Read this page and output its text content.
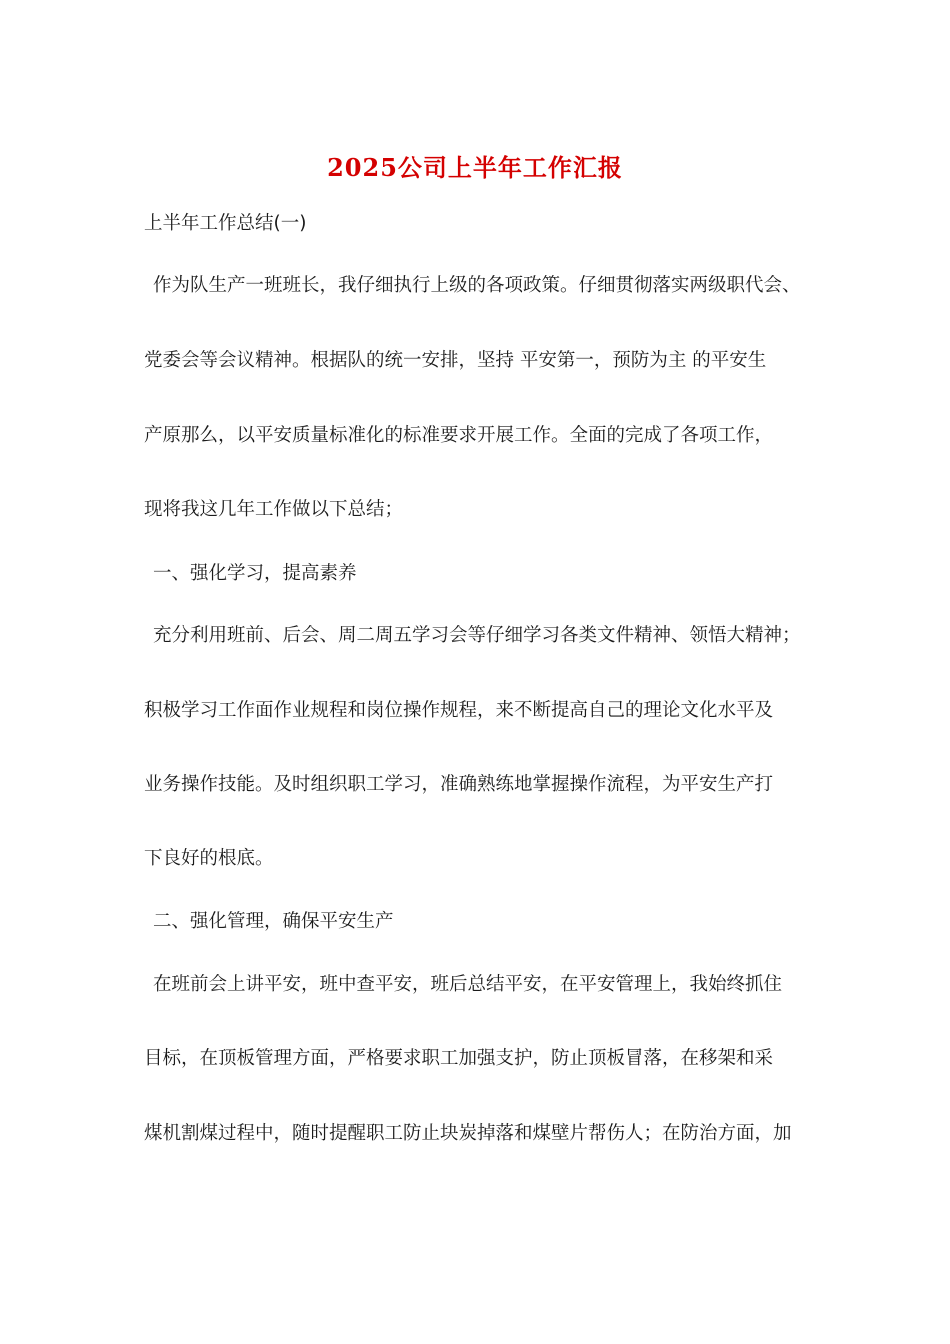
2025公司上半年工作汇报

上半年工作总结(一)

作为队生产一班班长，我仔细执行上级的各项政策。仔细贯彻落实两级职代会、

党委会等会议精神。根据队的统一安排，坚持 平安第一，预防为主 的平安生

产原那么，以平安质量标准化的标准要求开展工作。全面的完成了各项工作，

现将我这几年工作做以下总结；

一、强化学习，提高素养

充分利用班前、后会、周二周五学习会等仔细学习各类文件精神、领悟大精神；

积极学习工作面作业规程和岗位操作规程，来不断提高自己的理论文化水平及

业务操作技能。及时组织职工学习，准确熟练地掌握操作流程，为平安生产打

下良好的根底。

二、强化管理，确保平安生产

在班前会上讲平安，班中查平安，班后总结平安，在平安管理上，我始终抓住

目标，在顶板管理方面，严格要求职工加强支护，防止顶板冒落，在移架和采

煤机割煤过程中，随时提醒职工防止块炭掉落和煤壁片帮伤人；在防治方面，加
